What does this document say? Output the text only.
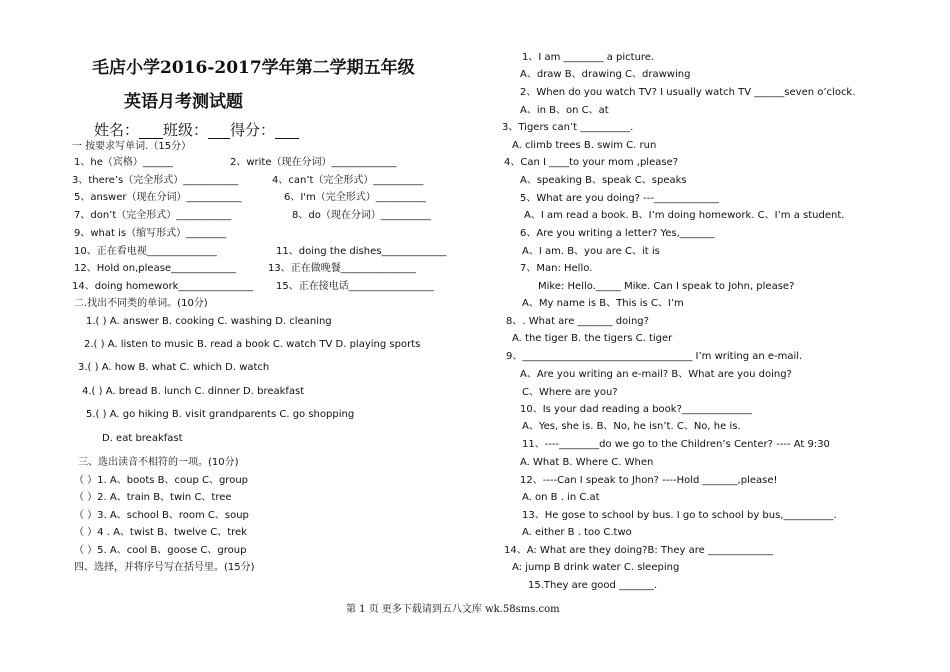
毛店小学2016-2017学年第二学期五年级
英语月考测试题
姓名： 班级： 得分：
一 按要求写单词.（15分）
1、he（宾格）______	2、write（现在分词）_____________
3、there’s（完全形式）___________	4、can’t（完全形式）__________
5、answer（现在分词）___________	6、I'm（完全形式）__________
7、don’t（完全形式）___________	8、do（现在分词）__________
9、what is（缩写形式）________
10、正在看电视______________	11、doing the dishes_____________
12、Hold on,please_____________	13、正在做晚餐_______________
14、doing homework_______________ 15、正在接电话_________________
二.找出不同类的单词。(10分)
1.( ) A. answer B. cooking C. washing D. cleaning
2.( ) A. listen to music B. read a book C. watch TV D. playing sports
3.( ) A. how B. what C. which D. watch
4.( ) A. bread B. lunch C. dinner D. breakfast
5.( ) A. go hiking B. visit grandparents C. go shopping
D. eat breakfast
三、选出读音不相符的一项。(10分)
（ ）1. A、boots B、coup C、group
（ ）2. A、train B、twin C、tree
（ ）3. A、school B、room C、soup
（ ）4 . A、twist B、twelve C、trek
（ ）5. A、cool B、goose C、group
四、选择，并将序号写在括号里。(15分)
1、I am ________ a picture.
A、draw B、drawing C、drawwing
2、When do you watch TV? I usually watch TV ______seven o’clock.
A、in B、on C、at
3、Tigers can’t __________.
A. climb trees B. swim C. run
4、Can I ____to your mom ,please?
A、speaking B、speak C、speaks
5、What are you doing? ---_____________
A、I am read a book. B、I’m doing homework. C、I’m a student.
6、Are you writing a letter? Yes,_______
A、I am. B、you are C、it is
7、Man: Hello.
Mike: Hello._____ Mike. Can I speak to John, please?
A、My name is B、This is C、I’m
8、. What are _______ doing?
A. the tiger B. the tigers C. tiger
9、__________________________________ I’m writing an e-mail.
A、Are you writing an e-mail? B、What are you doing?
C、Where are you?
10、Is your dad reading a book?______________
A、Yes, she is. B、No, he isn’t. C、No, he is.
11、----________do we go to the Children’s Center? ---- At 9:30
A. What B. Where C. When
12、----Can I speak to Jhon? ----Hold _______,please!
A. on B . in C.at
13、He gose to school by bus. I go to school by bus,__________.
A. either B . too C.two
14、A: What are they doing?B: They are _____________
A: jump B drink water C. sleeping
15.They are good _______.
第 1 页 更多下载请到五八文库 wk.58sms.com
